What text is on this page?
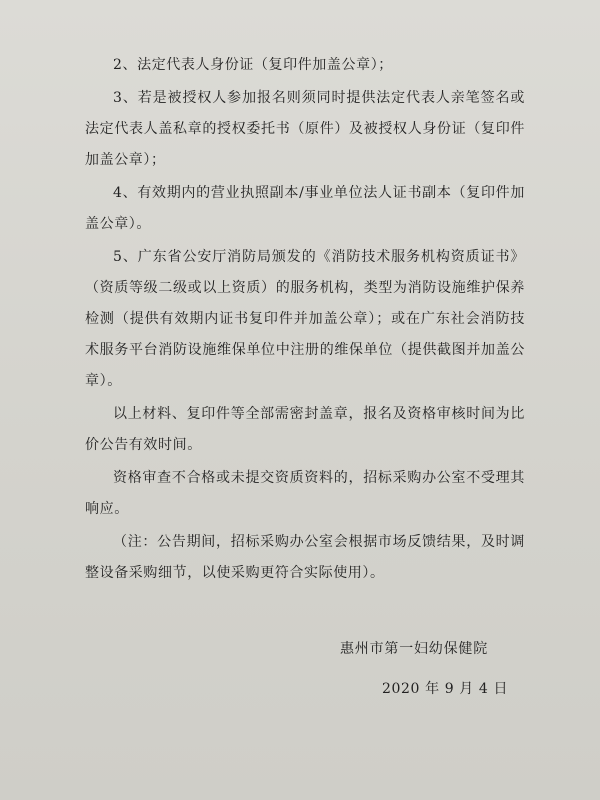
2、法定代表人身份证（复印件加盖公章）；

3、若是被授权人参加报名则须同时提供法定代表人亲笔签名或法定代表人盖私章的授权委托书（原件）及被授权人身份证（复印件加盖公章）；

4、有效期内的营业执照副本/事业单位法人证书副本（复印件加盖公章）。

5、广东省公安厅消防局颁发的《消防技术服务机构资质证书》（资质等级二级或以上资质）的服务机构，类型为消防设施维护保养检测（提供有效期内证书复印件并加盖公章）；或在广东社会消防技术服务平台消防设施维保单位中注册的维保单位（提供截图并加盖公章）。

以上材料、复印件等全部需密封盖章，报名及资格审核时间为比价公告有效时间。

资格审查不合格或未提交资质资料的，招标采购办公室不受理其响应。

（注：公告期间，招标采购办公室会根据市场反馈结果，及时调整设备采购细节，以使采购更符合实际使用）。

惠州市第一妇幼保健院
2020 年 9 月 4 日
